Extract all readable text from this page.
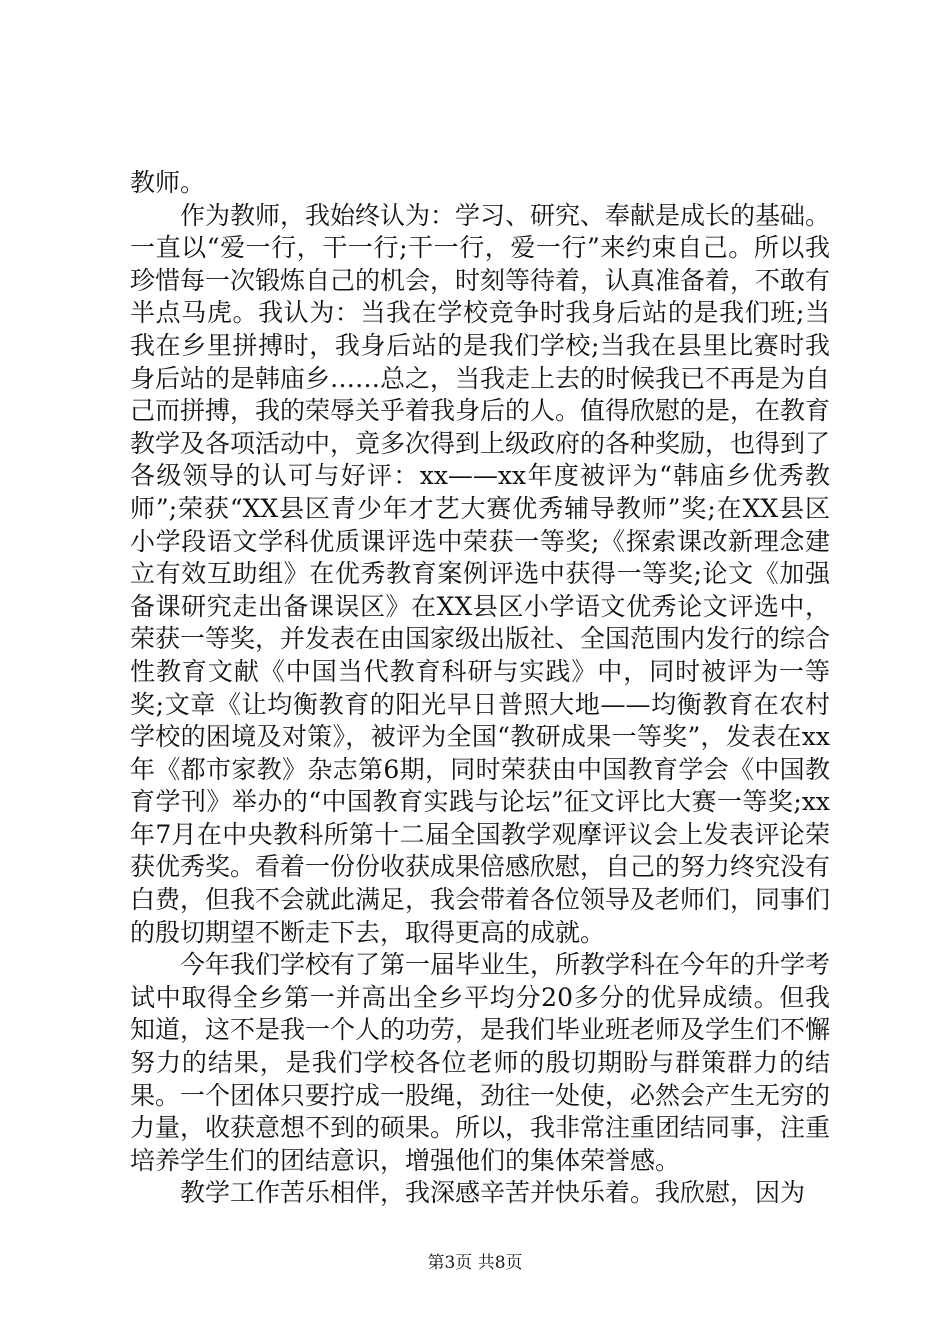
教师。

作为教师，我始终认为：学习、研究、奉献是成长的基础。一直以“爱一行，干一行;干一行，爱一行”来约束自己。所以我珍惜每一次锻炼自己的机会，时刻等待着，认真准备着，不敢有半点马虎。我认为：当我在学校竞争时我身后站的是我们班;当我在乡里拼搏时，我身后站的是我们学校;当我在县里比赛时我身后站的是韩庙乡……总之，当我走上去的时候我已不再是为自己而拼搏，我的荣辱关乎着我身后的人。值得欣慰的是，在教育教学及各项活动中，竟多次得到上级政府的各种奖励，也得到了各级领导的认可与好评：xx——xx年度被评为“韩庙乡优秀教师”;荣获“XX县区青少年才艺大赛优秀辅导教师”奖;在XX县区小学段语文学科优质课评选中荣获一等奖;《探索课改新理念建立有效互助组》在优秀教育案例评选中获得一等奖;论文《加强备课研究走出备课误区》在XX县区小学语文优秀论文评选中，荣获一等奖，并发表在由国家级出版社、全国范围内发行的综合性教育文献《中国当代教育科研与实践》中，同时被评为一等奖;文章《让均衡教育的阳光早日普照大地——均衡教育在农村学校的困境及对策》，被评为全国“教研成果一等奖”，发表在xx年《都市家教》杂志第6期，同时荣获由中国教育学会《中国教育学刊》举办的“中国教育实践与论坛”征文评比大赛一等奖;xx年7月在中央教科所第十二届全国教学观摩评议会上发表评论荣获优秀奖。看着一份份收获成果倍感欣慰，自己的努力终究没有白费，但我不会就此满足，我会带着各位领导及老师们，同事们的殷切期望不断走下去，取得更高的成就。

今年我们学校有了第一届毕业生，所教学科在今年的升学考试中取得全乡第一并高出全乡平均分20多分的优异成绩。但我知道，这不是我一个人的功劳，是我们毕业班老师及学生们不懈努力的结果，是我们学校各位老师的殷切期盼与群策群力的结果。一个团体只要拧成一股绳，劲往一处使，必然会产生无穷的力量，收获意想不到的硕果。所以，我非常注重团结同事，注重培养学生们的团结意识，增强他们的集体荣誉感。

教学工作苦乐相伴，我深感辛苦并快乐着。我欣慰，因为

第3页 共8页
